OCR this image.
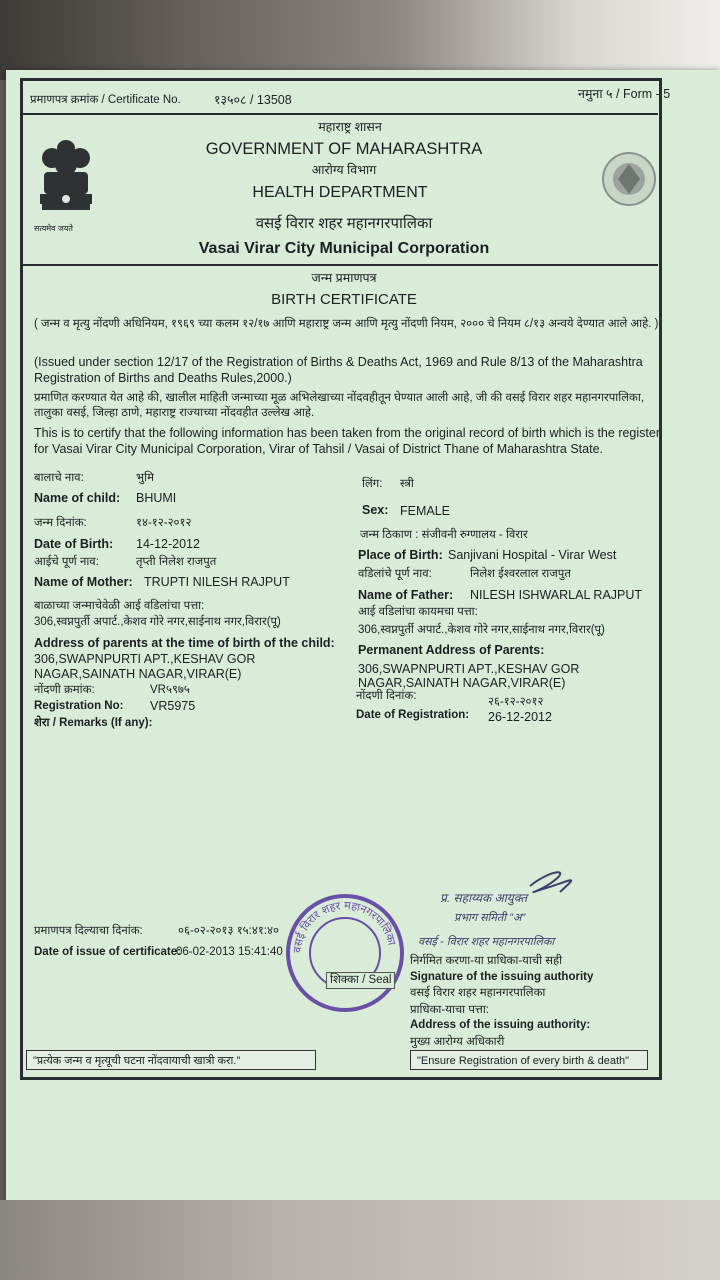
प्रमाणपत्र क्रमांक / Certificate No.	१३५०८ / 13508	नमुना ५ / Form - 5
सत्यमेव जयते
महाराष्ट्र शासन
GOVERNMENT OF MAHARASHTRA
आरोग्य विभाग
HEALTH DEPARTMENT
वसई विरार शहर महानगरपालिका
Vasai Virar City Municipal Corporation
जन्म प्रमाणपत्र
BIRTH CERTIFICATE
( जन्म व मृत्यु नोंदणी अधिनियम, १९६९ च्या कलम १२/१७ आणि महाराष्ट्र जन्म आणि मृत्यु नोंदणी नियम, २००० चे नियम ८/१३ अन्वये देण्यात आले आहे. )
(Issued under section 12/17 of the Registration of Births & Deaths Act, 1969 and Rule 8/13 of the Maharashtra Registration of Births and Deaths Rules,2000.)
प्रमाणित करण्यात येत आहे की, खालील माहिती जन्माच्या मूळ अभिलेखाच्या नोंदवहीतून घेण्यात आली आहे, जी की वसई विरार शहर महानगरपालिका, तालुका वसई, जिल्हा ठाणे, महाराष्ट्र राज्याच्या नोंदवहीत उल्लेख आहे.
This is to certify that the following information has been taken from the original record of birth which is the register for Vasai Virar City Municipal Corporation, Virar of Tahsil / Vasai of District Thane of Maharashtra State.
बालाचे नाव:	भुमि
Name of child: BHUMI
जन्म दिनांक:	१४-१२-२०१२
Date of Birth: 14-12-2012
आईचे पूर्ण नाव:	तृप्ती निलेश राजपुत
Name of Mother: TRUPTI NILESH RAJPUT
बाळाच्या जन्माचेवेळी आई वडिलांचा पत्ता:
306,स्वप्नपुर्ती अपार्ट.,केशव गोरे नगर,साईनाथ नगर,विरार(पू)
Address of parents at the time of birth of the child:
306,SWAPNPURTI APT.,KESHAV GOR
NAGAR,SAINATH NAGAR,VIRAR(E)
नोंदणी क्रमांक:	VR५९७५
Registration No: VR5975
शेरा / Remarks (If any):
लिंग: स्त्री
Sex: FEMALE
जन्म ठिकाण : संजीवनी रुग्णालय - विरार
Place of Birth: Sanjivani Hospital - Virar West
वडिलांचे पूर्ण नाव:	निलेश ईश्वरलाल राजपुत
Name of Father: NILESH ISHWARLAL RAJPUT
आई वडिलांचा कायमचा पत्ता:
306,स्वप्नपुर्ती अपार्ट.,केशव गोरे नगर,साईनाथ नगर,विरार(पू)
Permanent Address of Parents:
306,SWAPNPURTI APT.,KESHAV GOR
NAGAR,SAINATH NAGAR,VIRAR(E)
नोंदणी दिनांक:	२६-१२-२०१२
Date of Registration: 26-12-2012
प्रमाणपत्र दिल्याचा दिनांक:	०६-०२-२०१३ १५:४१:४०
Date of issue of certificate:
06-02-2013 15:41:40 वसई विरार शहर महानगरपालिका
शिक्का / Seal
प्र. सहाय्यक आयुक्त
प्रभाग समिती "अ"
वसई - विरार शहर महानगरपालिका
निर्गमित करणा-या प्राधिका-याची सही
Signature of the issuing authority
वसई विरार शहर महानगरपालिका
प्राधिका-याचा पत्ता:
Address of the issuing authority:
मुख्य आरोग्य अधिकारी
"प्रत्येक जन्म व मृत्यूची घटना नोंदवायाची खात्री करा."	"Ensure Registration of every birth & death"
